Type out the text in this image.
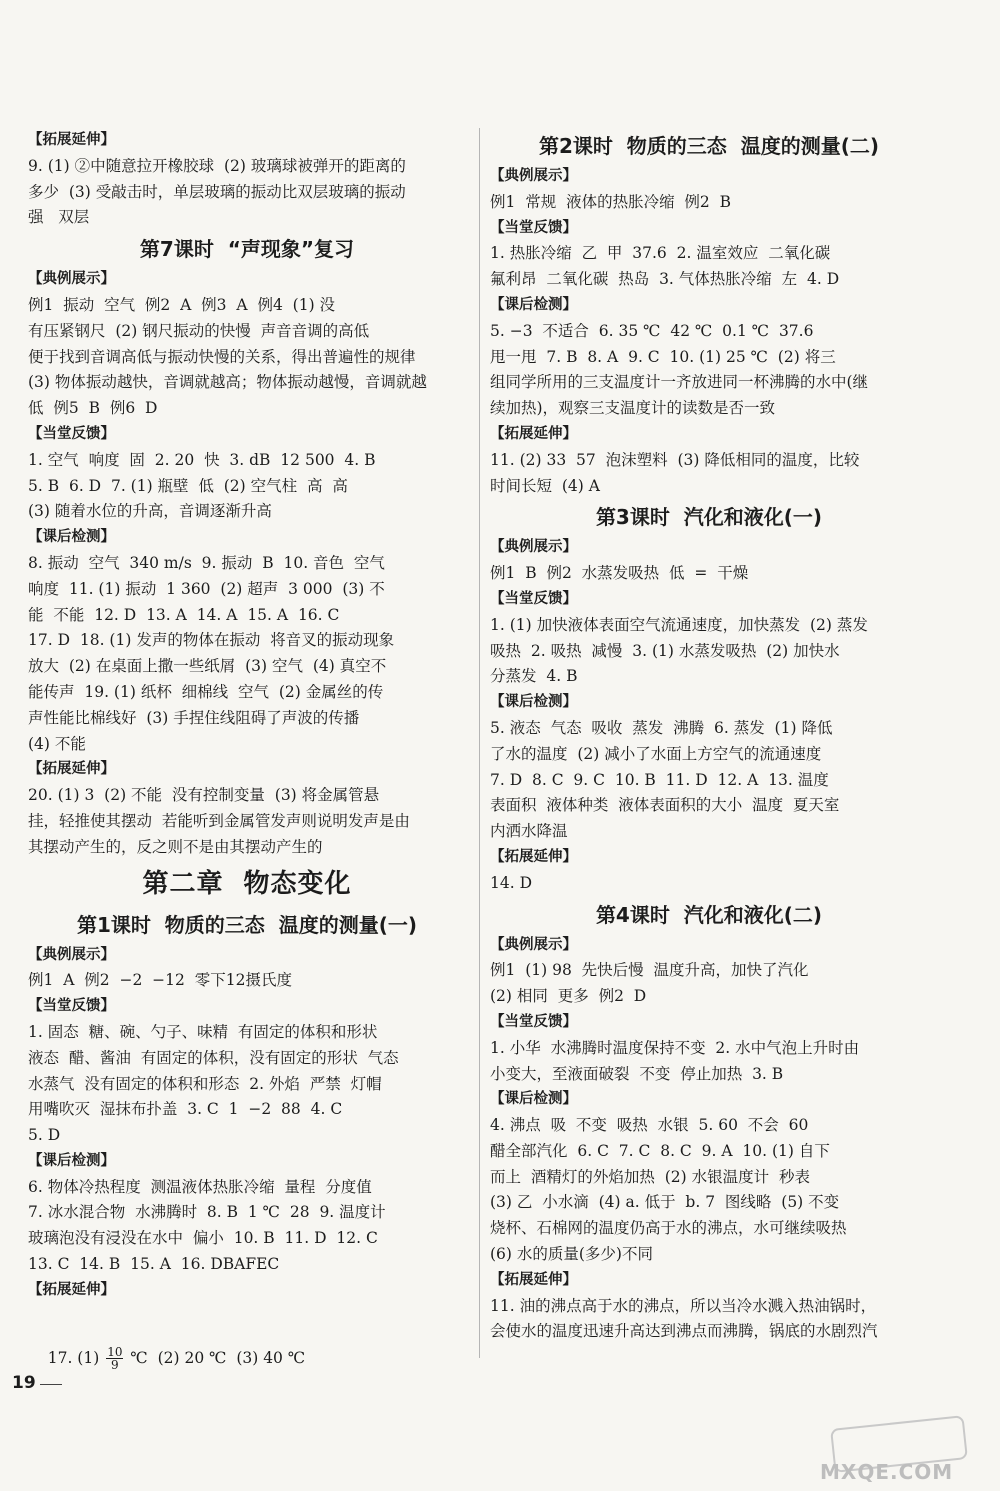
【拓展延伸】
9. (1) ②中随意拉开橡胶球  (2) 玻璃球被弹开的距离的
多少  (3) 受敲击时，单层玻璃的振动比双层玻璃的振动
强   双层
第7课时  “声现象”复习
【典例展示】
例1  振动  空气  例2  A  例3  A  例4  (1) 没
有压紧钢尺  (2) 钢尺振动的快慢  声音音调的高低
便于找到音调高低与振动快慢的关系，得出普遍性的规律
(3) 物体振动越快，音调就越高；物体振动越慢，音调就越
低  例5  B  例6  D
【当堂反馈】
1. 空气  响度  固  2. 20  快  3. dB  12 500  4. B
5. B  6. D  7. (1) 瓶壁  低  (2) 空气柱  高  高
(3) 随着水位的升高，音调逐渐升高
【课后检测】
8. 振动  空气  340 m/s  9. 振动  B  10. 音色  空气
响度  11. (1) 振动  1 360  (2) 超声  3 000  (3) 不
能  不能  12. D  13. A  14. A  15. A  16. C
17. D  18. (1) 发声的物体在振动  将音叉的振动现象
放大  (2) 在桌面上撒一些纸屑  (3) 空气  (4) 真空不
能传声  19. (1) 纸杯  细棉线  空气  (2) 金属丝的传
声性能比棉线好  (3) 手捏住线阻碍了声波的传播
(4) 不能
【拓展延伸】
20. (1) 3  (2) 不能  没有控制变量  (3) 将金属管悬
挂，轻推使其摆动  若能听到金属管发声则说明发声是由
其摆动产生的，反之则不是由其摆动产生的
第二章  物态变化
第1课时  物质的三态  温度的测量(一)
【典例展示】
例1  A  例2  −2  −12  零下12摄氏度
【当堂反馈】
1. 固态  糖、碗、勺子、味精  有固定的体积和形状
液态  醋、酱油  有固定的体积，没有固定的形状  气态
水蒸气  没有固定的体积和形态  2. 外焰  严禁  灯帽
用嘴吹灭  湿抹布扑盖  3. C  1  −2  88  4. C
5. D
【课后检测】
6. 物体冷热程度  测温液体热胀冷缩  量程  分度值
7. 冰水混合物  水沸腾时  8. B  1 ℃  28  9. 温度计
玻璃泡没有浸没在水中  偏小  10. B  11. D  12. C
13. C  14. B  15. A  16. DBAFEC
【拓展延伸】

17. $(1) \frac{10}{9}$ ℃  (2) 20 ℃  (3) 40 ℃

第2课时  物质的三态  温度的测量(二)
【典例展示】
例1  常规  液体的热胀冷缩  例2  B
【当堂反馈】
1. 热胀冷缩  乙  甲  37.6  2. 温室效应  二氧化碳
氟利昂  二氧化碳  热岛  3. 气体热胀冷缩  左  4. D
【课后检测】
5. −3  不适合  6. 35 ℃  42 ℃  0.1 ℃  37.6
甩一甩  7. B  8. A  9. C  10. (1) 25 ℃  (2) 将三
组同学所用的三支温度计一齐放进同一杯沸腾的水中(继
续加热)，观察三支温度计的读数是否一致
【拓展延伸】
11. (2) 33  57  泡沫塑料  (3) 降低相同的温度，比较
时间长短  (4) A
第3课时  汽化和液化(一)
【典例展示】
例1  B  例2  水蒸发吸热  低  =  干燥
【当堂反馈】
1. (1) 加快液体表面空气流通速度，加快蒸发  (2) 蒸发
吸热  2. 吸热  减慢  3. (1) 水蒸发吸热  (2) 加快水
分蒸发  4. B
【课后检测】
5. 液态  气态  吸收  蒸发  沸腾  6. 蒸发  (1) 降低
了水的温度  (2) 减小了水面上方空气的流通速度
7. D  8. C  9. C  10. B  11. D  12. A  13. 温度
表面积  液体种类  液体表面积的大小  温度  夏天室
内洒水降温
【拓展延伸】
14. D
第4课时  汽化和液化(二)
【典例展示】
例1  (1) 98  先快后慢  温度升高，加快了汽化
(2) 相同  更多  例2  D
【当堂反馈】
1. 小华  水沸腾时温度保持不变  2. 水中气泡上升时由
小变大，至液面破裂  不变  停止加热  3. B
【课后检测】
4. 沸点  吸  不变  吸热  水银  5. 60  不会  60
醋全部汽化  6. C  7. C  8. C  9. A  10. (1) 自下
而上  酒精灯的外焰加热  (2) 水银温度计  秒表
(3) 乙  小水滴  (4) a. 低于  b. 7  图线略  (5) 不变
烧杯、石棉网的温度仍高于水的沸点，水可继续吸热
(6) 水的质量(多少)不同
【拓展延伸】
11. 油的沸点高于水的沸点，所以当冷水溅入热油锅时，
会使水的温度迅速升高达到沸点而沸腾，锅底的水剧烈汽
19
MXQE.COM
